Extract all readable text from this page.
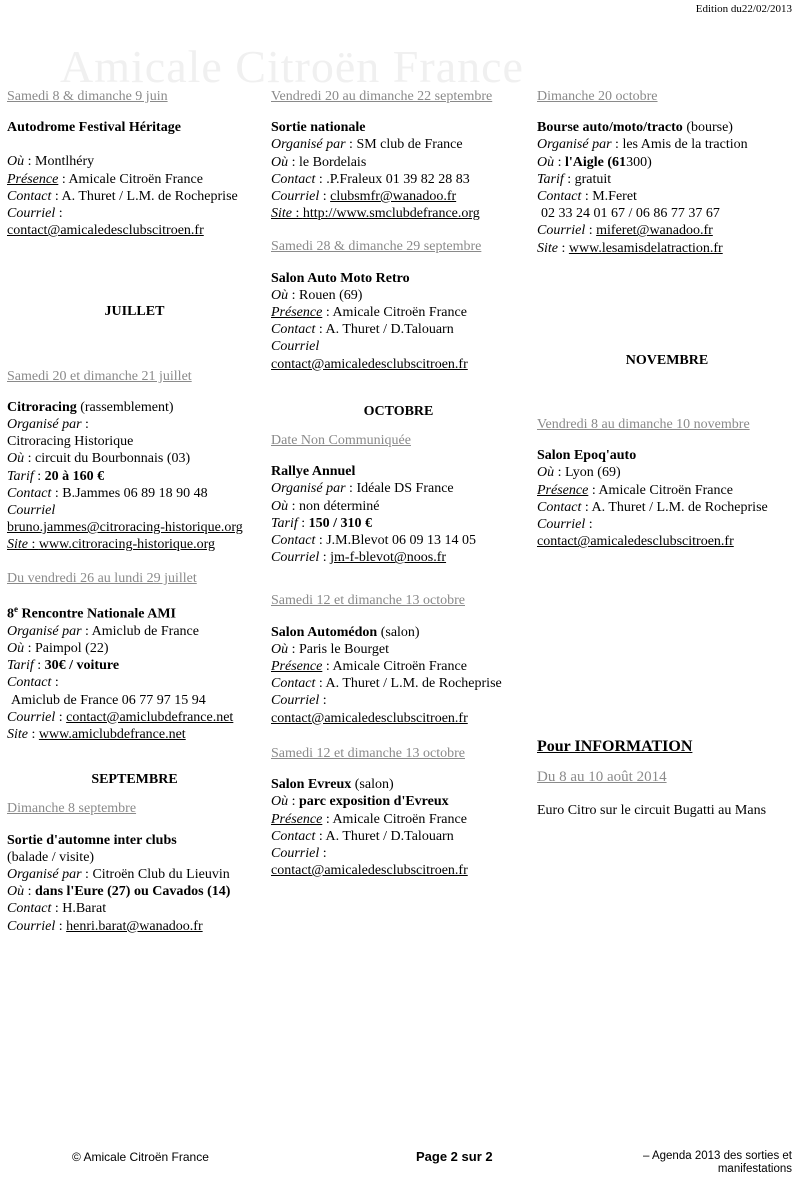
Edition du22/02/2013
Amicale Citroën France
Samedi 8 & dimanche 9 juin
Autodrome Festival Héritage
Où : Montlhéry
Présence : Amicale Citroën France
Contact : A. Thuret / L.M. de Rocheprise
Courriel :
contact@amicaledesclubscitroen.fr
JUILLET
Samedi 20 et dimanche 21 juillet
Citroracing (rassemblement)
Organisé par :
Citroracing Historique
Où : circuit du Bourbonnais (03)
Tarif : 20 à 160 €
Contact : B.Jammes 06 89 18 90 48
Courriel
bruno.jammes@citroracing-historique.org
Site : www.citroracing-historique.org
Du vendredi 26 au lundi 29 juillet
8e Rencontre Nationale AMI
Organisé par : Amiclub de France
Où : Paimpol (22)
Tarif : 30€ / voiture
Contact :
Amiclub de France 06 77 97 15 94
Courriel : contact@amiclubdefrance.net
Site : www.amiclubdefrance.net
SEPTEMBRE
Dimanche 8 septembre
Sortie d'automne inter clubs
(balade / visite)
Organisé par : Citroën Club du Lieuvin
Où : dans l'Eure (27) ou Cavados (14)
Contact : H.Barat
Courriel : henri.barat@wanadoo.fr
Vendredi 20 au dimanche 22 septembre
Sortie nationale
Organisé par : SM club de France
Où : le Bordelais
Contact : .P.Fraleux 01 39 82 28 83
Courriel : clubsmfr@wanadoo.fr
Site : http://www.smclubdefrance.org
Samedi 28 & dimanche 29 septembre
Salon Auto Moto Retro
Où : Rouen (69)
Présence : Amicale Citroën France
Contact : A. Thuret / D.Talouarn
Courriel
contact@amicaledesclubscitroen.fr
OCTOBRE
Date Non Communiquée
Rallye Annuel
Organisé par : Idéale DS France
Où : non déterminé
Tarif : 150 / 310 €
Contact : J.M.Blevot 06 09 13 14 05
Courriel : jm-f-blevot@noos.fr
Samedi 12 et dimanche 13 octobre
Salon Automédon (salon)
Où : Paris le Bourget
Présence : Amicale Citroën France
Contact : A. Thuret / L.M. de Rocheprise
Courriel :
contact@amicaledesclubscitroen.fr
Samedi 12 et dimanche 13 octobre
Salon Evreux (salon)
Où : parc exposition d'Evreux
Présence : Amicale Citroën France
Contact : A. Thuret / D.Talouarn
Courriel :
contact@amicaledesclubscitroen.fr
Dimanche 20 octobre
Bourse auto/moto/tracto (bourse)
Organisé par : les Amis de la traction
Où : l'Aigle (61300)
Tarif : gratuit
Contact : M.Feret
02 33 24 01 67 / 06 86 77 37 67
Courriel : miferet@wanadoo.fr
Site : www.lesamisdelatraction.fr
NOVEMBRE
Vendredi 8 au dimanche 10 novembre
Salon Epoq'auto
Où : Lyon (69)
Présence : Amicale Citroën France
Contact : A. Thuret / L.M. de Rocheprise
Courriel :
contact@amicaledesclubscitroen.fr
Pour INFORMATION
Du 8 au 10 août 2014
Euro Citro sur le circuit Bugatti au Mans
© Amicale Citroën France	Page 2 sur 2	– Agenda 2013 des sorties et
manifestations
